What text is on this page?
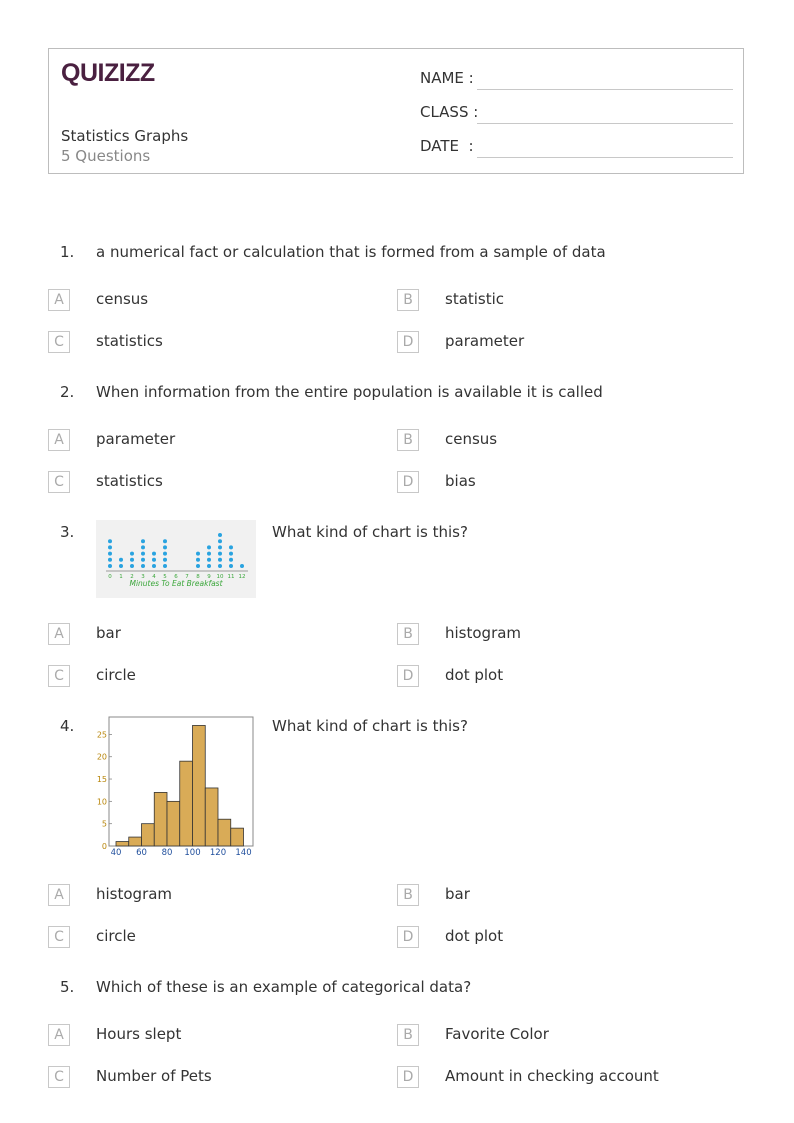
QUIZIZZ
Statistics Graphs
5 Questions
NAME :
CLASS :
DATE  :
1. a numerical fact or calculation that is formed from a sample of data
A	census	B	statistic
C	statistics	D	parameter
2. When information from the entire population is available it is called
A	parameter	B	census
C	statistics	D	bias
3.
0 1 2 3 4 5 6 7 8 9 10 11 12
Minutes To Eat Breakfast
What kind of chart is this?
A	bar	B	histogram
C	circle	D	dot plot
4.
0
5
10
15
20
25
40 60 80 100 120 140
What kind of chart is this?
A	histogram	B	bar
C	circle	D	dot plot
5. Which of these is an example of categorical data?
A	Hours slept	B	Favorite Color
C	Number of Pets	D	Amount in checking account
